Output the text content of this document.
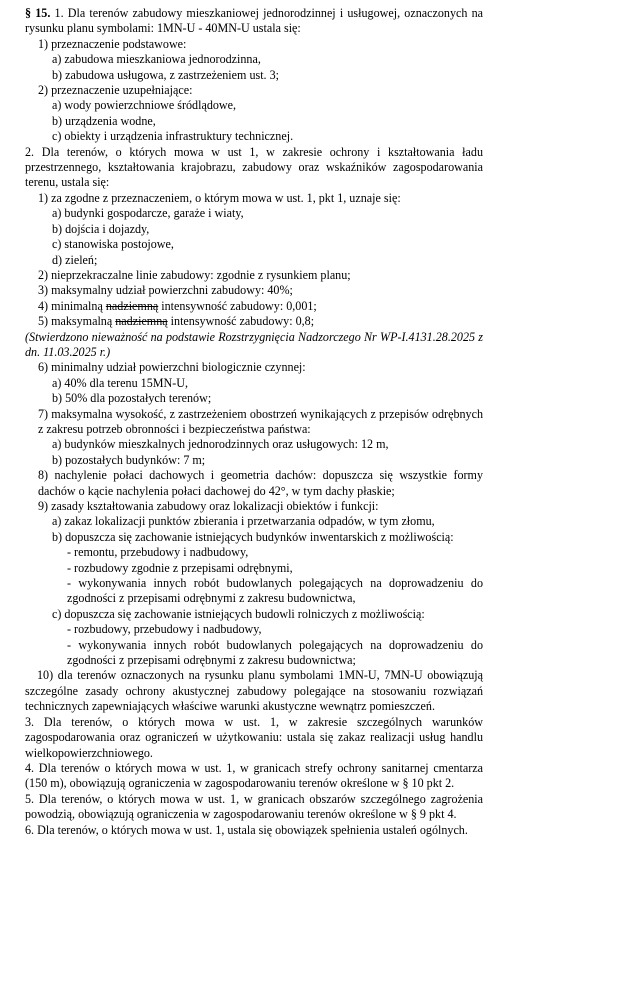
§ 15. 1. Dla terenów zabudowy mieszkaniowej jednorodzinnej i usługowej, oznaczonych na rysunku planu symbolami: 1MN-U - 40MN-U ustala się:

1) przeznaczenie podstawowe:

a) zabudowa mieszkaniowa jednorodzinna,

b) zabudowa usługowa, z zastrzeżeniem ust. 3;

2) przeznaczenie uzupełniające:

a) wody powierzchniowe śródlądowe,

b) urządzenia wodne,

c) obiekty i urządzenia infrastruktury technicznej.

2. Dla terenów, o których mowa w ust 1, w zakresie ochrony i kształtowania ładu przestrzennego, kształtowania krajobrazu, zabudowy oraz wskaźników zagospodarowania terenu, ustala się:

1) za zgodne z przeznaczeniem, o którym mowa w ust. 1, pkt 1, uznaje się:

a) budynki gospodarcze, garaże i wiaty,

b) dojścia i dojazdy,

c) stanowiska postojowe,

d) zieleń;

2) nieprzekraczalne linie zabudowy: zgodnie z rysunkiem planu;

3) maksymalny udział powierzchni zabudowy: 40%;

4) minimalną nadziemną intensywność zabudowy: 0,001;

5) maksymalną nadziemną intensywność zabudowy: 0,8;

(Stwierdzono nieważność na podstawie Rozstrzygnięcia Nadzorczego Nr WP-I.4131.28.2025 z dn. 11.03.2025 r.)

6) minimalny udział powierzchni biologicznie czynnej:

a) 40% dla terenu 15MN-U,

b) 50% dla pozostałych terenów;

7) maksymalna wysokość, z zastrzeżeniem obostrzeń wynikających z przepisów odrębnych z zakresu potrzeb obronności i bezpieczeństwa państwa:

a) budynków mieszkalnych jednorodzinnych oraz usługowych: 12 m,

b) pozostałych budynków: 7 m;

8) nachylenie połaci dachowych i geometria dachów: dopuszcza się wszystkie formy dachów o kącie nachylenia połaci dachowej do 42°, w tym dachy płaskie;

9) zasady kształtowania zabudowy oraz lokalizacji obiektów i funkcji:

a) zakaz lokalizacji punktów zbierania i przetwarzania odpadów, w tym złomu,

b) dopuszcza się zachowanie istniejących budynków inwentarskich z możliwością:

- remontu, przebudowy i nadbudowy,

- rozbudowy zgodnie z przepisami odrębnymi,

- wykonywania innych robót budowlanych polegających na doprowadzeniu do zgodności z przepisami odrębnymi z zakresu budownictwa,

c) dopuszcza się zachowanie istniejących budowli rolniczych z możliwością:

- rozbudowy, przebudowy i nadbudowy,

- wykonywania innych robót budowlanych polegających na doprowadzeniu do zgodności z przepisami odrębnymi z zakresu budownictwa;

10) dla terenów oznaczonych na rysunku planu symbolami 1MN-U, 7MN-U obowiązują szczególne zasady ochrony akustycznej zabudowy polegające na stosowaniu rozwiązań technicznych zapewniających właściwe warunki akustyczne wewnątrz pomieszczeń.

3. Dla terenów, o których mowa w ust. 1, w zakresie szczególnych warunków zagospodarowania oraz ograniczeń w użytkowaniu: ustala się zakaz realizacji usług handlu wielkopowierzchniowego.

4. Dla terenów o których mowa w ust. 1, w granicach strefy ochrony sanitarnej cmentarza (150 m), obowiązują ograniczenia w zagospodarowaniu terenów określone w § 10 pkt 2.

5. Dla terenów, o których mowa w ust. 1, w granicach obszarów szczególnego zagrożenia powodzią, obowiązują ograniczenia w zagospodarowaniu terenów określone w § 9 pkt 4.

6. Dla terenów, o których mowa w ust. 1, ustala się obowiązek spełnienia ustaleń ogólnych.
